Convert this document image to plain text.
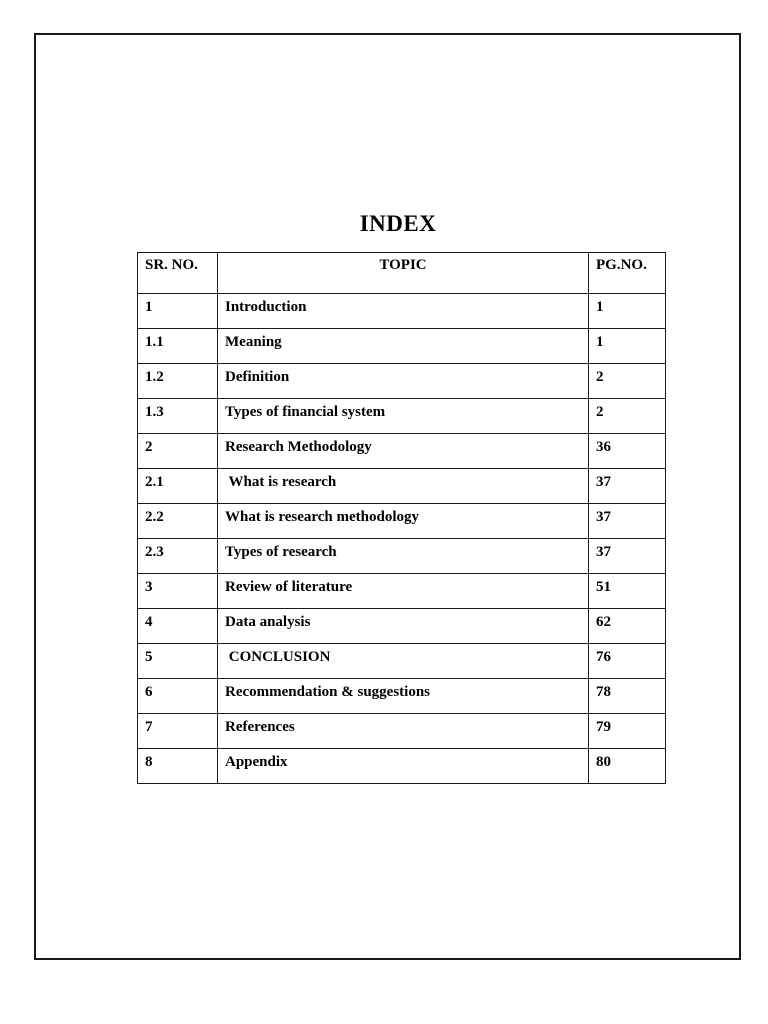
INDEX
SR. NO.	TOPIC	PG.NO.
1	Introduction	1
1.1	Meaning	1
1.2	Definition	2
1.3	Types of financial system	2
2	Research Methodology	36
2.1	What is research	37
2.2	What is research methodology	37
2.3	Types of research	37
3	Review of literature	51
4	Data analysis	62
5	CONCLUSION	76
6	Recommendation & suggestions	78
7	References	79
8	Appendix	80
